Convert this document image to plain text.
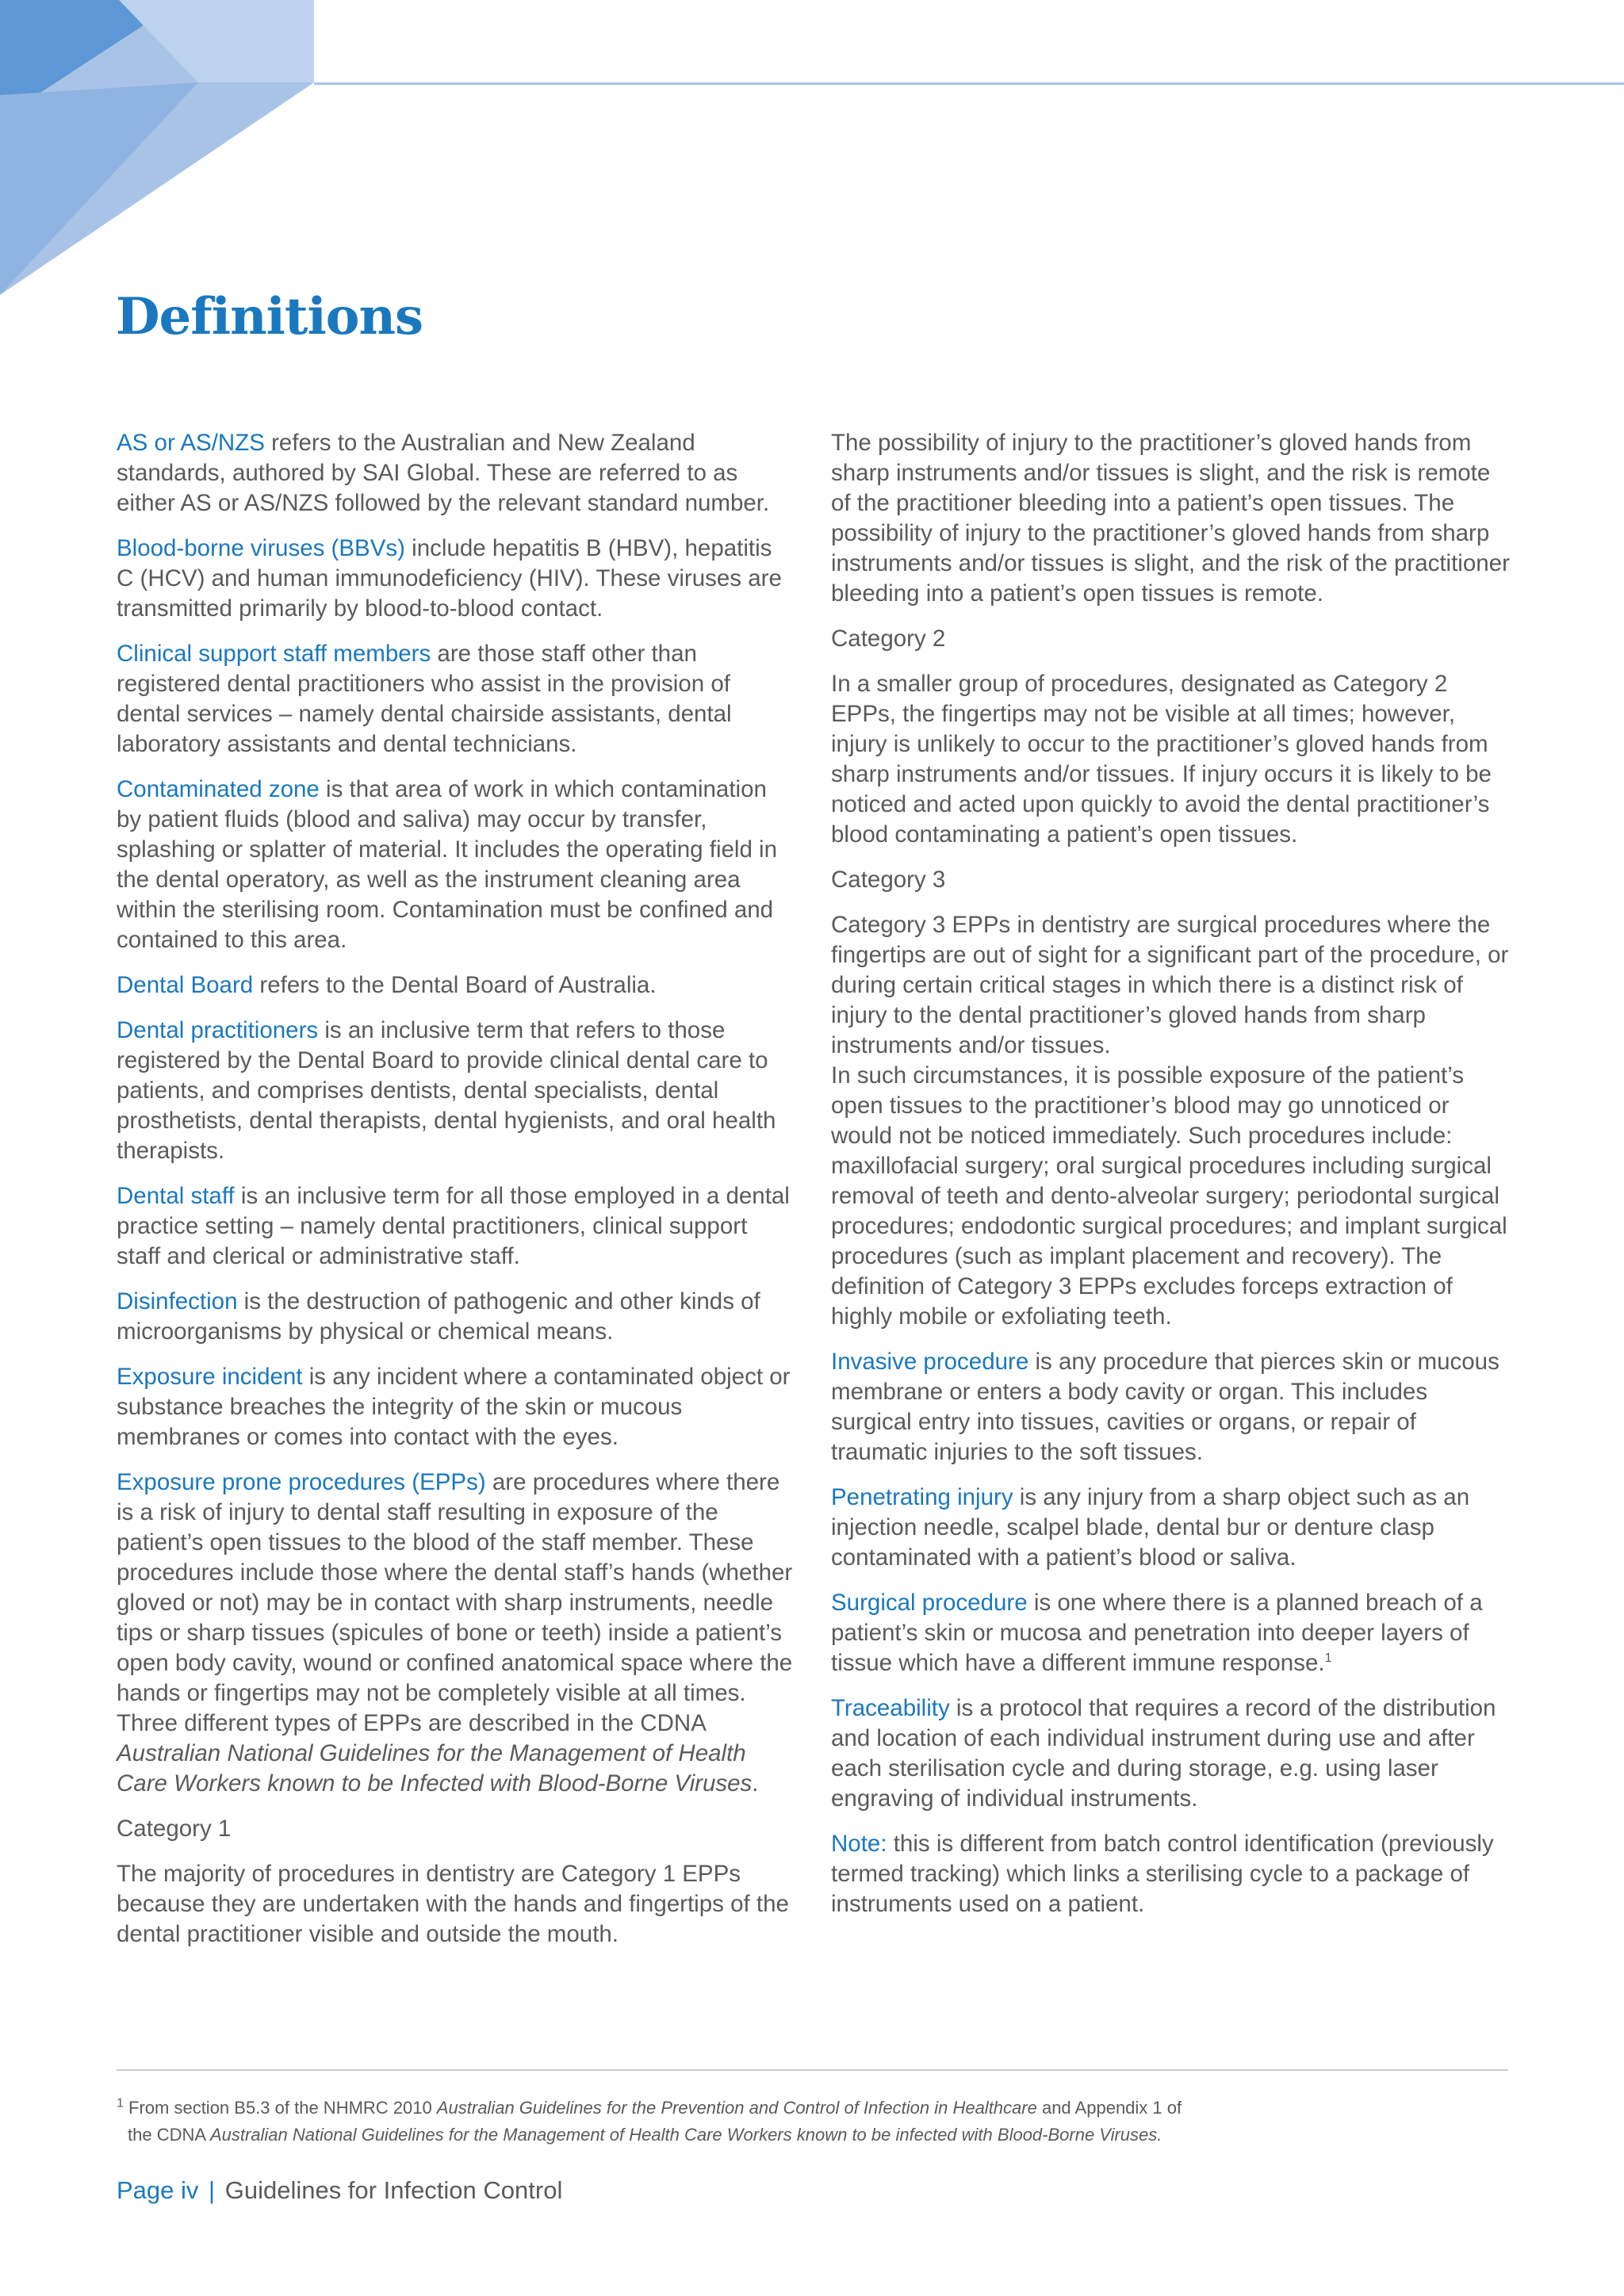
Definitions

AS or AS/NZS refers to the Australian and New Zealand standards, authored by SAI Global. These are referred to as either AS or AS/NZS followed by the relevant standard number.

Blood-borne viruses (BBVs) include hepatitis B (HBV), hepatitis C (HCV) and human immunodeficiency (HIV). These viruses are transmitted primarily by blood-to-blood contact.

Clinical support staff members are those staff other than registered dental practitioners who assist in the provision of dental services – namely dental chairside assistants, dental laboratory assistants and dental technicians.

Contaminated zone is that area of work in which contamination by patient fluids (blood and saliva) may occur by transfer, splashing or splatter of material. It includes the operating field in the dental operatory, as well as the instrument cleaning area within the sterilising room. Contamination must be confined and contained to this area.

Dental Board refers to the Dental Board of Australia.

Dental practitioners is an inclusive term that refers to those registered by the Dental Board to provide clinical dental care to patients, and comprises dentists, dental specialists, dental prosthetists, dental therapists, dental hygienists, and oral health therapists.

Dental staff is an inclusive term for all those employed in a dental practice setting – namely dental practitioners, clinical support staff and clerical or administrative staff.

Disinfection is the destruction of pathogenic and other kinds of microorganisms by physical or chemical means.

Exposure incident is any incident where a contaminated object or substance breaches the integrity of the skin or mucous membranes or comes into contact with the eyes.

Exposure prone procedures (EPPs) are procedures where there is a risk of injury to dental staff resulting in exposure of the patient’s open tissues to the blood of the staff member. These procedures include those where the dental staff’s hands (whether gloved or not) may be in contact with sharp instruments, needle tips or sharp tissues (spicules of bone or teeth) inside a patient’s open body cavity, wound or confined anatomical space where the hands or fingertips may not be completely visible at all times. Three different types of EPPs are described in the CDNA Australian National Guidelines for the Management of Health Care Workers known to be Infected with Blood-Borne Viruses.

Category 1

The majority of procedures in dentistry are Category 1 EPPs because they are undertaken with the hands and fingertips of the dental practitioner visible and outside the mouth.

The possibility of injury to the practitioner’s gloved hands from sharp instruments and/or tissues is slight, and the risk is remote of the practitioner bleeding into a patient’s open tissues. The possibility of injury to the practitioner’s gloved hands from sharp instruments and/or tissues is slight, and the risk of the practitioner bleeding into a patient’s open tissues is remote.

Category 2

In a smaller group of procedures, designated as Category 2 EPPs, the fingertips may not be visible at all times; however, injury is unlikely to occur to the practitioner’s gloved hands from sharp instruments and/or tissues. If injury occurs it is likely to be noticed and acted upon quickly to avoid the dental practitioner’s blood contaminating a patient’s open tissues.

Category 3

Category 3 EPPs in dentistry are surgical procedures where the fingertips are out of sight for a significant part of the procedure, or during certain critical stages in which there is a distinct risk of injury to the dental practitioner’s gloved hands from sharp instruments and/or tissues.
In such circumstances, it is possible exposure of the patient’s open tissues to the practitioner’s blood may go unnoticed or would not be noticed immediately. Such procedures include: maxillofacial surgery; oral surgical procedures including surgical removal of teeth and dento-alveolar surgery; periodontal surgical procedures; endodontic surgical procedures; and implant surgical procedures (such as implant placement and recovery). The definition of Category 3 EPPs excludes forceps extraction of highly mobile or exfoliating teeth.

Invasive procedure is any procedure that pierces skin or mucous membrane or enters a body cavity or organ. This includes surgical entry into tissues, cavities or organs, or repair of traumatic injuries to the soft tissues.

Penetrating injury is any injury from a sharp object such as an injection needle, scalpel blade, dental bur or denture clasp contaminated with a patient’s blood or saliva.

Surgical procedure is one where there is a planned breach of a patient’s skin or mucosa and penetration into deeper layers of tissue which have a different immune response.$^1$

Traceability is a protocol that requires a record of the distribution and location of each individual instrument during use and after each sterilisation cycle and during storage, e.g. using laser engraving of individual instruments.

Note: this is different from batch control identification (previously termed tracking) which links a sterilising cycle to a package of instruments used on a patient.

$^1$ From section B5.3 of the NHMRC 2010 Australian Guidelines for the Prevention and Control of Infection in Healthcare and Appendix 1 of
the CDNA Australian National Guidelines for the Management of Health Care Workers known to be infected with Blood-Borne Viruses.
Page iv | Guidelines for Infection Control
